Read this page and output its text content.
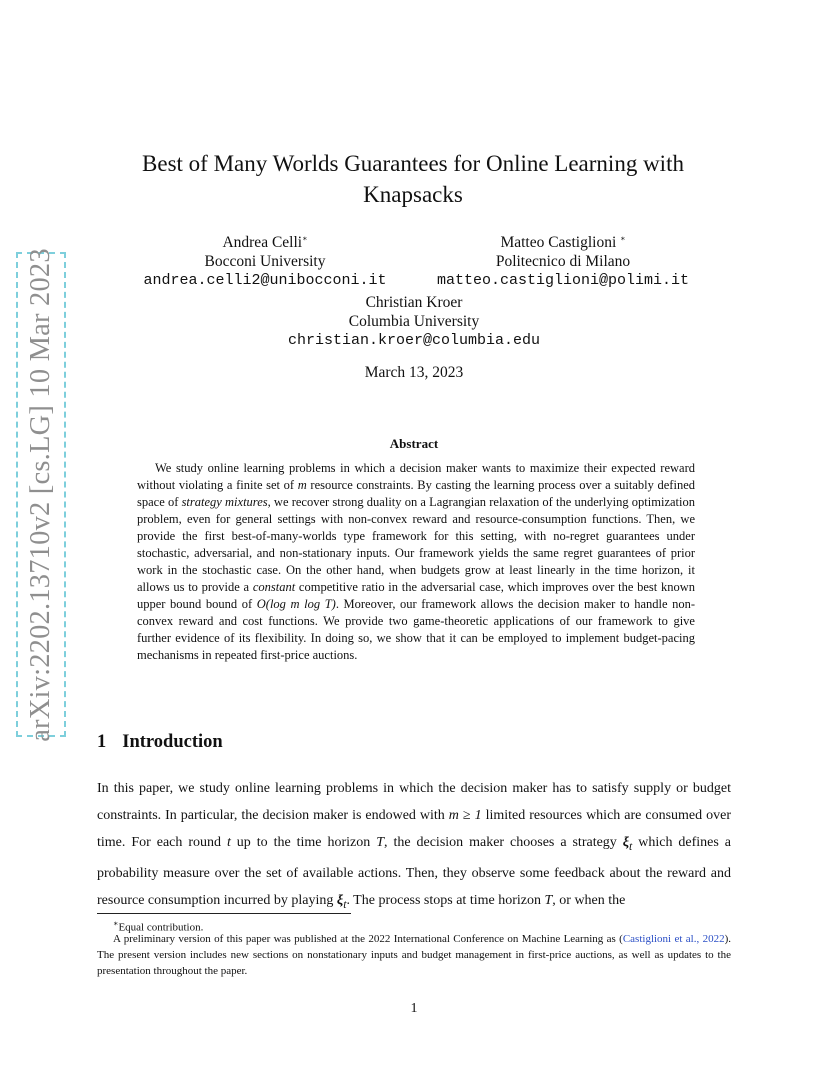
arXiv:2202.13710v2 [cs.LG] 10 Mar 2023
Best of Many Worlds Guarantees for Online Learning with
Knapsacks
Andrea Celli∗
Bocconi University
andrea.celli2@unibocconi.it
Matteo Castiglioni ∗
Politecnico di Milano
matteo.castiglioni@polimi.it
Christian Kroer
Columbia University
christian.kroer@columbia.edu
March 13, 2023
Abstract

We study online learning problems in which a decision maker wants to maximize their expected reward without violating a finite set of m resource constraints. By casting the learning process over a suitably defined space of strategy mixtures, we recover strong duality on a Lagrangian relaxation of the underlying optimization problem, even for general settings with non-convex reward and resource-consumption functions. Then, we provide the first best-of-many-worlds type framework for this setting, with no-regret guarantees under stochastic, adversarial, and non-stationary inputs. Our framework yields the same regret guarantees of prior work in the stochastic case. On the other hand, when budgets grow at least linearly in the time horizon, it allows us to provide a constant competitive ratio in the adversarial case, which improves over the best known upper bound bound of O(log m log T). Moreover, our framework allows the decision maker to handle non-convex reward and cost functions. We provide two game-theoretic applications of our framework to give further evidence of its flexibility. In doing so, we show that it can be employed to implement budget-pacing mechanisms in repeated first-price auctions.

1 Introduction

In this paper, we study online learning problems in which the decision maker has to satisfy supply or budget constraints. In particular, the decision maker is endowed with m ≥ 1 limited resources which are consumed over time. For each round t up to the time horizon T, the decision maker chooses a strategy $\xi_t$ which defines a probability measure over the set of available actions. Then, they observe some feedback about the reward and resource consumption incurred by playing $\xi_t$. The process stops at time horizon T, or when the

∗Equal contribution.

A preliminary version of this paper was published at the 2022 International Conference on Machine Learning as (Castiglioni et al., 2022). The present version includes new sections on nonstationary inputs and budget management in first-price auctions, as well as updates to the presentation throughout the paper.

1
